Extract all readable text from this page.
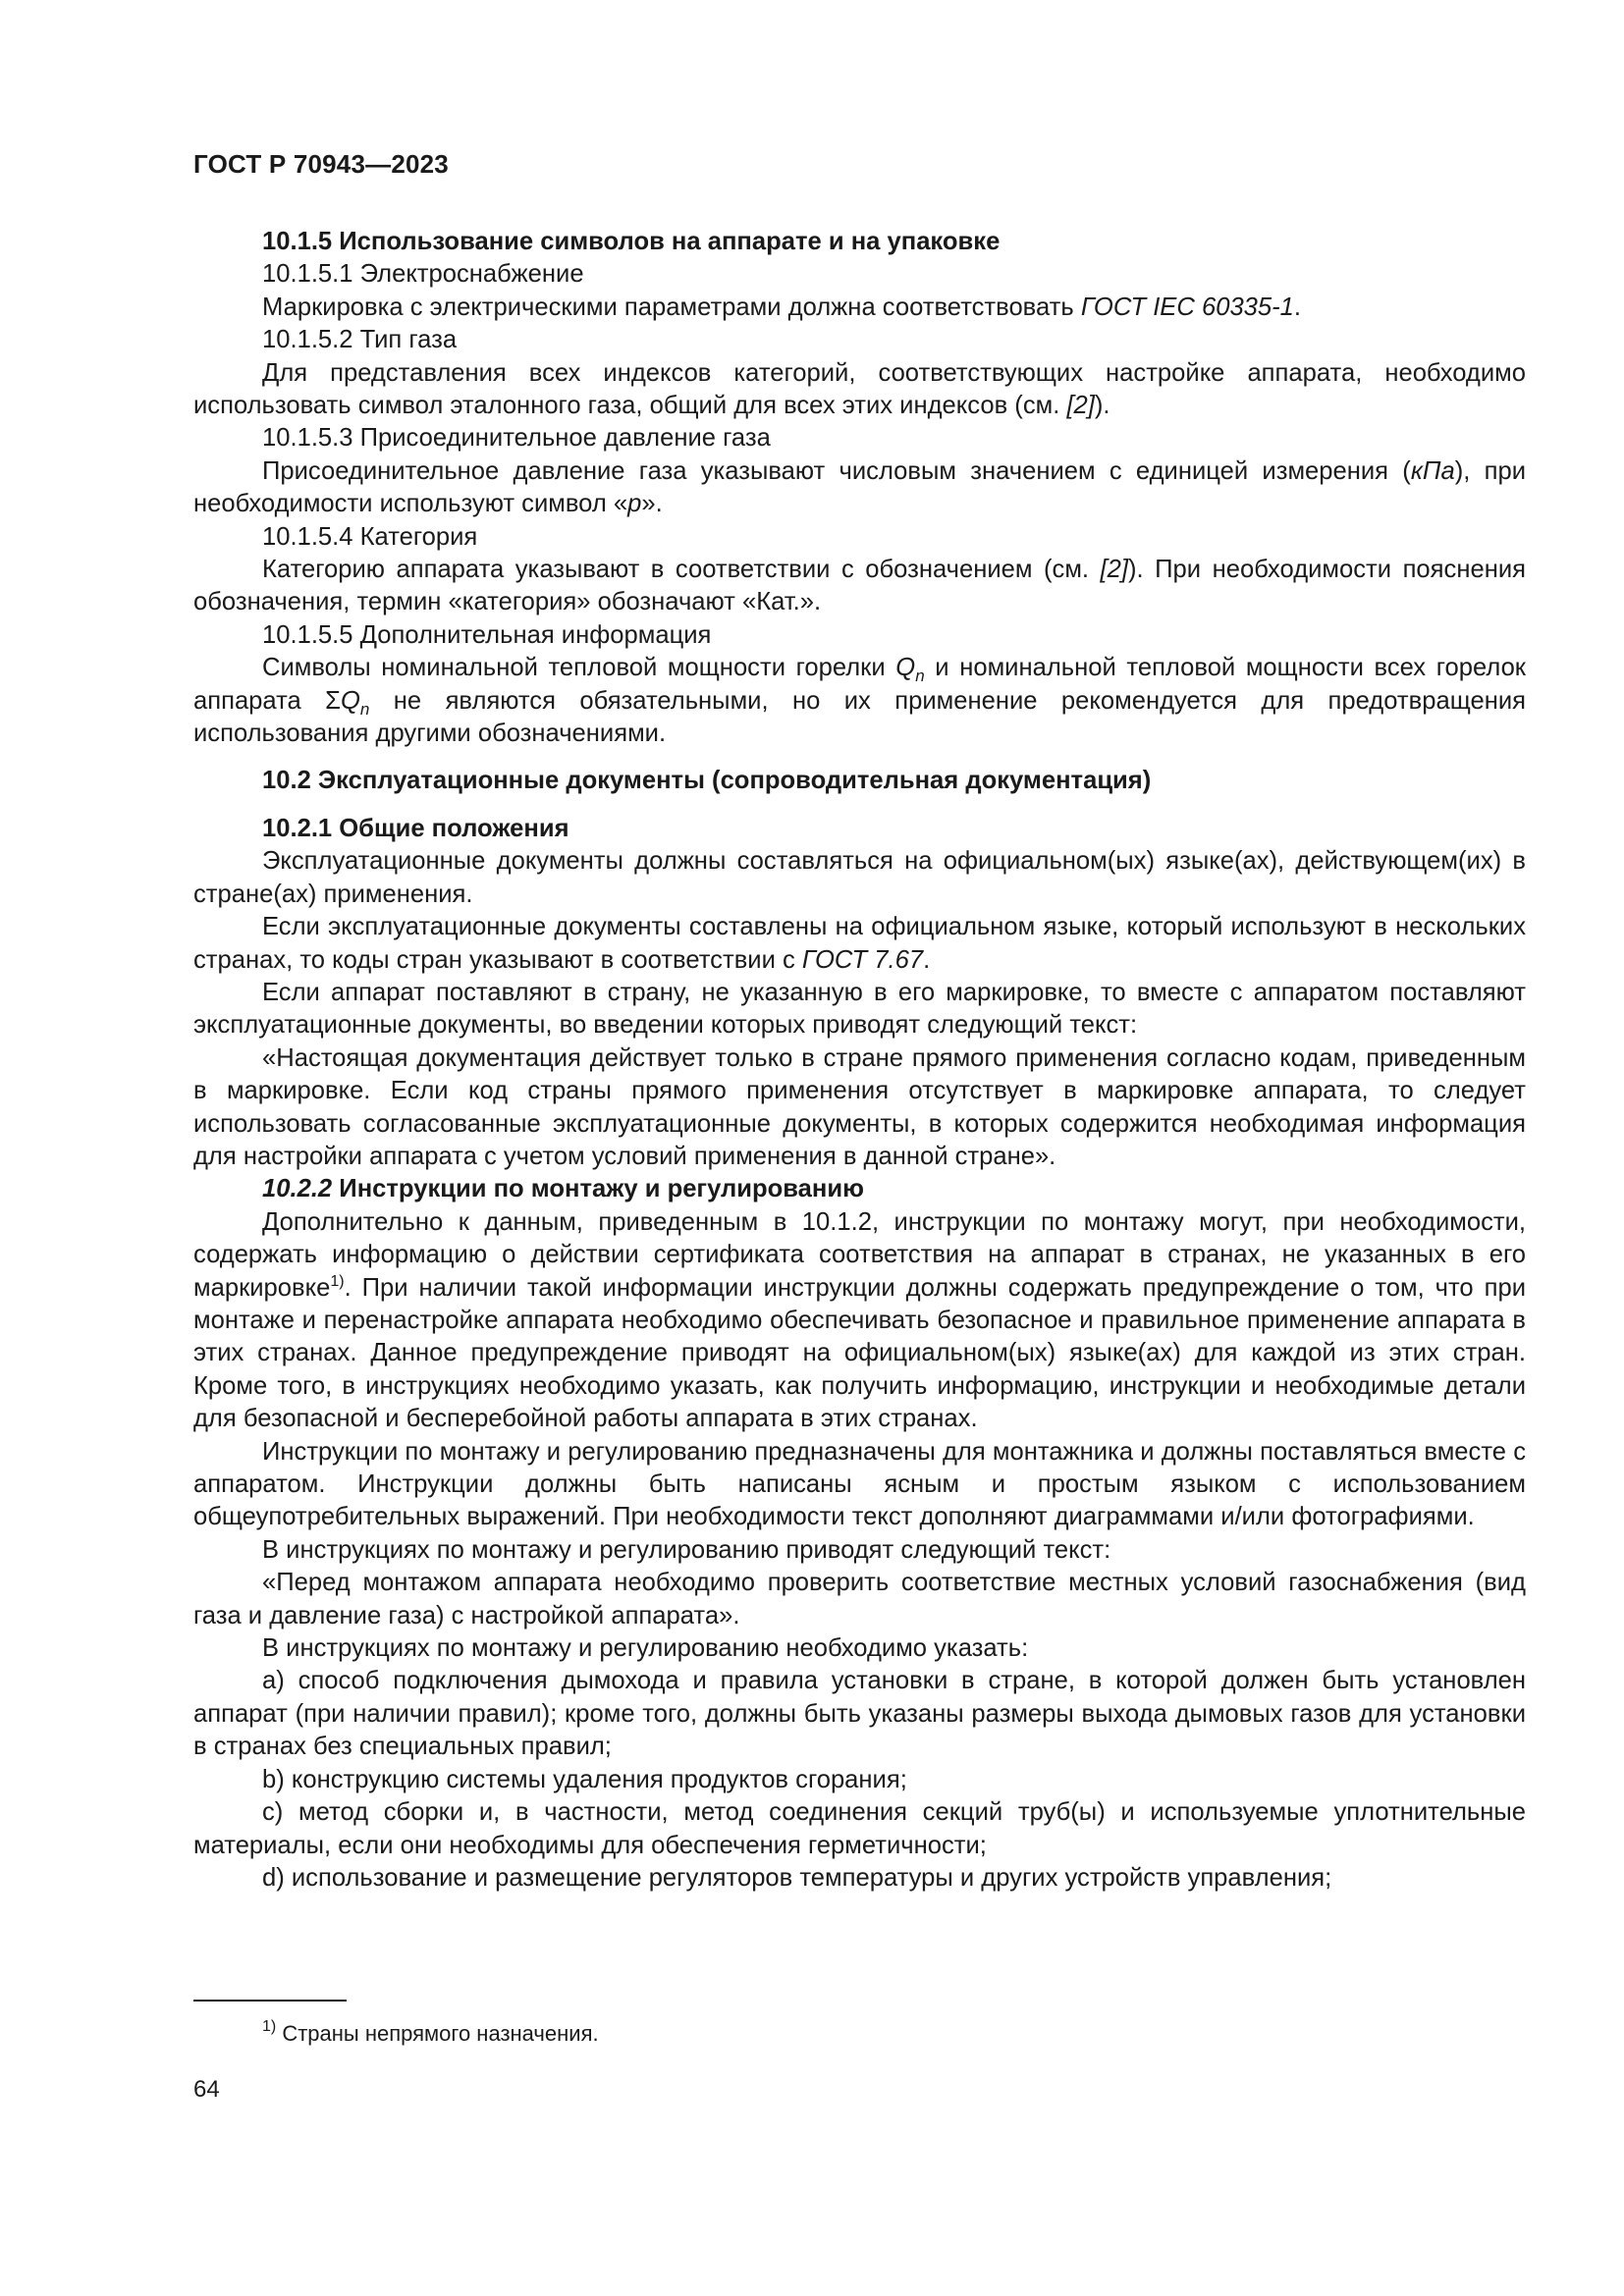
ГОСТ Р 70943—2023

10.1.5 Использование символов на аппарате и на упаковке

10.1.5.1 Электроснабжение

Маркировка с электрическими параметрами должна соответствовать ГОСТ IEC 60335-1.

10.1.5.2 Тип газа

Для представления всех индексов категорий, соответствующих настройке аппарата, необходимо использовать символ эталонного газа, общий для всех этих индексов (см. [2]).

10.1.5.3 Присоединительное давление газа

Присоединительное давление газа указывают числовым значением с единицей измерения (кПа), при необходимости используют символ «p».

10.1.5.4 Категория

Категорию аппарата указывают в соответствии с обозначением (см. [2]). При необходимости пояснения обозначения, термин «категория» обозначают «Кат.».

10.1.5.5 Дополнительная информация

Символы номинальной тепловой мощности горелки $Q_n$ и номинальной тепловой мощности всех горелок аппарата $\Sigma Q_n$ не являются обязательными, но их применение рекомендуется для предотвращения использования другими обозначениями.

10.2 Эксплуатационные документы (сопроводительная документация)

10.2.1 Общие положения

Эксплуатационные документы должны составляться на официальном(ых) языке(ах), действующем(их) в стране(ах) применения.

Если эксплуатационные документы составлены на официальном языке, который используют в нескольких странах, то коды стран указывают в соответствии с ГОСТ 7.67.

Если аппарат поставляют в страну, не указанную в его маркировке, то вместе с аппаратом поставляют эксплуатационные документы, во введении которых приводят следующий текст:

«Настоящая документация действует только в стране прямого применения согласно кодам, приведенным в маркировке. Если код страны прямого применения отсутствует в маркировке аппарата, то следует использовать согласованные эксплуатационные документы, в которых содержится необходимая информация для настройки аппарата с учетом условий применения в данной стране».

10.2.2 Инструкции по монтажу и регулированию

Дополнительно к данным, приведенным в 10.1.2, инструкции по монтажу могут, при необходимости, содержать информацию о действии сертификата соответствия на аппарат в странах, не указанных в его маркировке$^{1)}$. При наличии такой информации инструкции должны содержать предупреждение о том, что при монтаже и перенастройке аппарата необходимо обеспечивать безопасное и правильное применение аппарата в этих странах. Данное предупреждение приводят на официальном(ых) языке(ах) для каждой из этих стран. Кроме того, в инструкциях необходимо указать, как получить информацию, инструкции и необходимые детали для безопасной и бесперебойной работы аппарата в этих странах.

Инструкции по монтажу и регулированию предназначены для монтажника и должны поставляться вместе с аппаратом. Инструкции должны быть написаны ясным и простым языком с использованием общеупотребительных выражений. При необходимости текст дополняют диаграммами и/или фотографиями.

В инструкциях по монтажу и регулированию приводят следующий текст:

«Перед монтажом аппарата необходимо проверить соответствие местных условий газоснабжения (вид газа и давление газа) с настройкой аппарата».

В инструкциях по монтажу и регулированию необходимо указать:

a) способ подключения дымохода и правила установки в стране, в которой должен быть установлен аппарат (при наличии правил); кроме того, должны быть указаны размеры выхода дымовых газов для установки в странах без специальных правил;

b) конструкцию системы удаления продуктов сгорания;

c) метод сборки и, в частности, метод соединения секций труб(ы) и используемые уплотнительные материалы, если они необходимы для обеспечения герметичности;

d) использование и размещение регуляторов температуры и других устройств управления;

$^{1)}$ Страны непрямого назначения.
64
